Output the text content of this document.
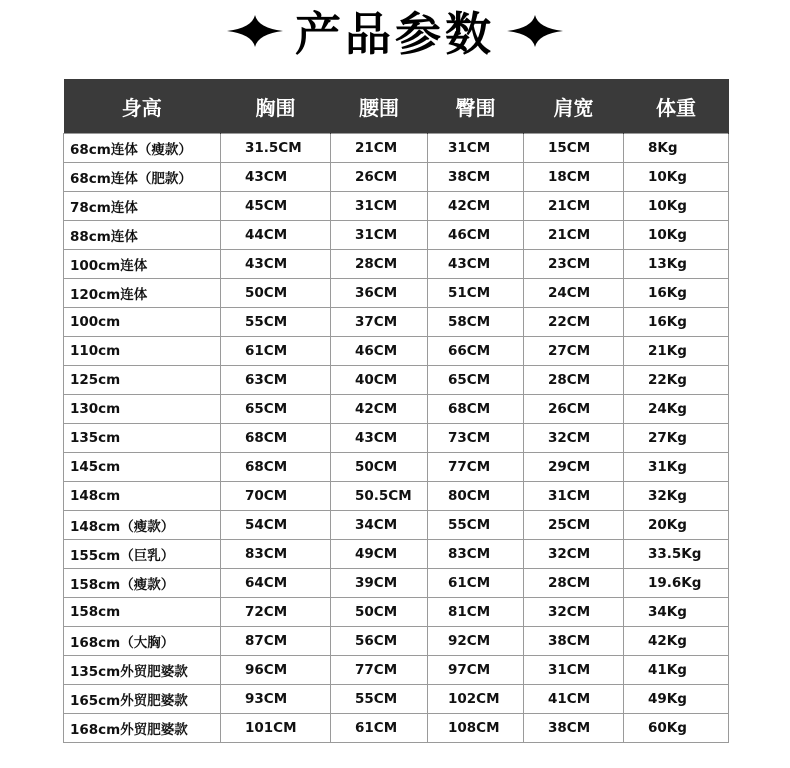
产品参数
身高	胸围	腰围	臀围	肩宽	体重
68cm连体（瘦款）	31.5CM	21CM	31CM	15CM	8Kg
68cm连体（肥款）	43CM	26CM	38CM	18CM	10Kg
78cm连体	45CM	31CM	42CM	21CM	10Kg
88cm连体	44CM	31CM	46CM	21CM	10Kg
100cm连体	43CM	28CM	43CM	23CM	13Kg
120cm连体	50CM	36CM	51CM	24CM	16Kg
100cm	55CM	37CM	58CM	22CM	16Kg
110cm	61CM	46CM	66CM	27CM	21Kg
125cm	63CM	40CM	65CM	28CM	22Kg
130cm	65CM	42CM	68CM	26CM	24Kg
135cm	68CM	43CM	73CM	32CM	27Kg
145cm	68CM	50CM	77CM	29CM	31Kg
148cm	70CM	50.5CM	80CM	31CM	32Kg
148cm（瘦款）	54CM	34CM	55CM	25CM	20Kg
155cm（巨乳）	83CM	49CM	83CM	32CM	33.5Kg
158cm（瘦款）	64CM	39CM	61CM	28CM	19.6Kg
158cm	72CM	50CM	81CM	32CM	34Kg
168cm（大胸）	87CM	56CM	92CM	38CM	42Kg
135cm外贸肥婆款	96CM	77CM	97CM	31CM	41Kg
165cm外贸肥婆款	93CM	55CM	102CM	41CM	49Kg
168cm外贸肥婆款	101CM	61CM	108CM	38CM	60Kg
